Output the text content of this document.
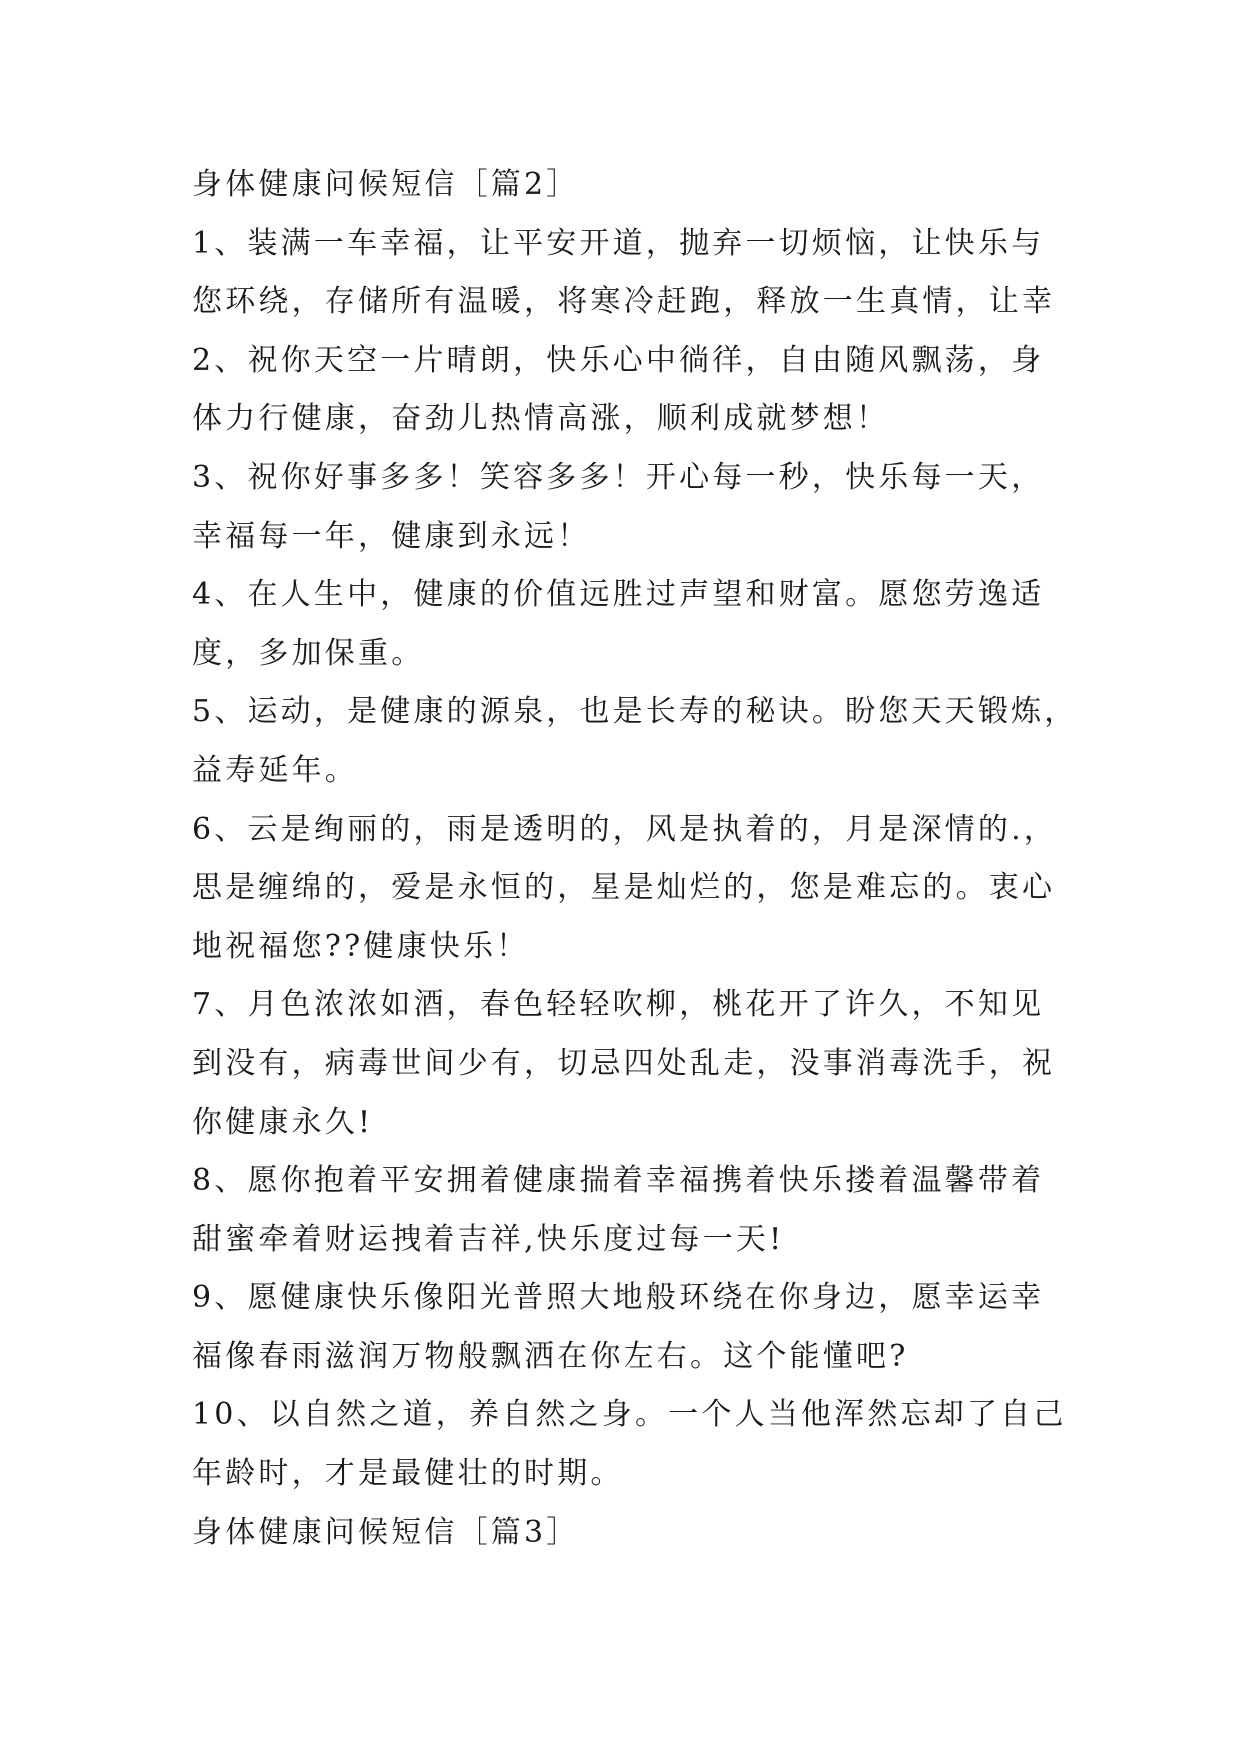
身体健康问候短信［篇2］
1、装满一车幸福，让平安开道，抛弃一切烦恼，让快乐与
您环绕，存储所有温暖，将寒冷赶跑，释放一生真情，让幸
2、祝你天空一片晴朗，快乐心中徜徉，自由随风飘荡，身
体力行健康，奋劲儿热情高涨，顺利成就梦想！
3、祝你好事多多！笑容多多！开心每一秒，快乐每一天，
幸福每一年，健康到永远！
4、在人生中，健康的价值远胜过声望和财富。愿您劳逸适
度，多加保重。
5、运动，是健康的源泉，也是长寿的秘诀。盼您天天锻炼，
益寿延年。
6、云是绚丽的，雨是透明的，风是执着的，月是深情的.，
思是缠绵的，爱是永恒的，星是灿烂的，您是难忘的。衷心
地祝福您??健康快乐！
7、月色浓浓如酒，春色轻轻吹柳，桃花开了许久，不知见
到没有，病毒世间少有，切忌四处乱走，没事消毒洗手，祝
你健康永久!
8、愿你抱着平安拥着健康揣着幸福携着快乐搂着温馨带着
甜蜜牵着财运拽着吉祥,快乐度过每一天!
9、愿健康快乐像阳光普照大地般环绕在你身边，愿幸运幸
福像春雨滋润万物般飘洒在你左右。这个能懂吧?
10、以自然之道，养自然之身。一个人当他浑然忘却了自己
年龄时，才是最健壮的时期。
身体健康问候短信［篇3］
